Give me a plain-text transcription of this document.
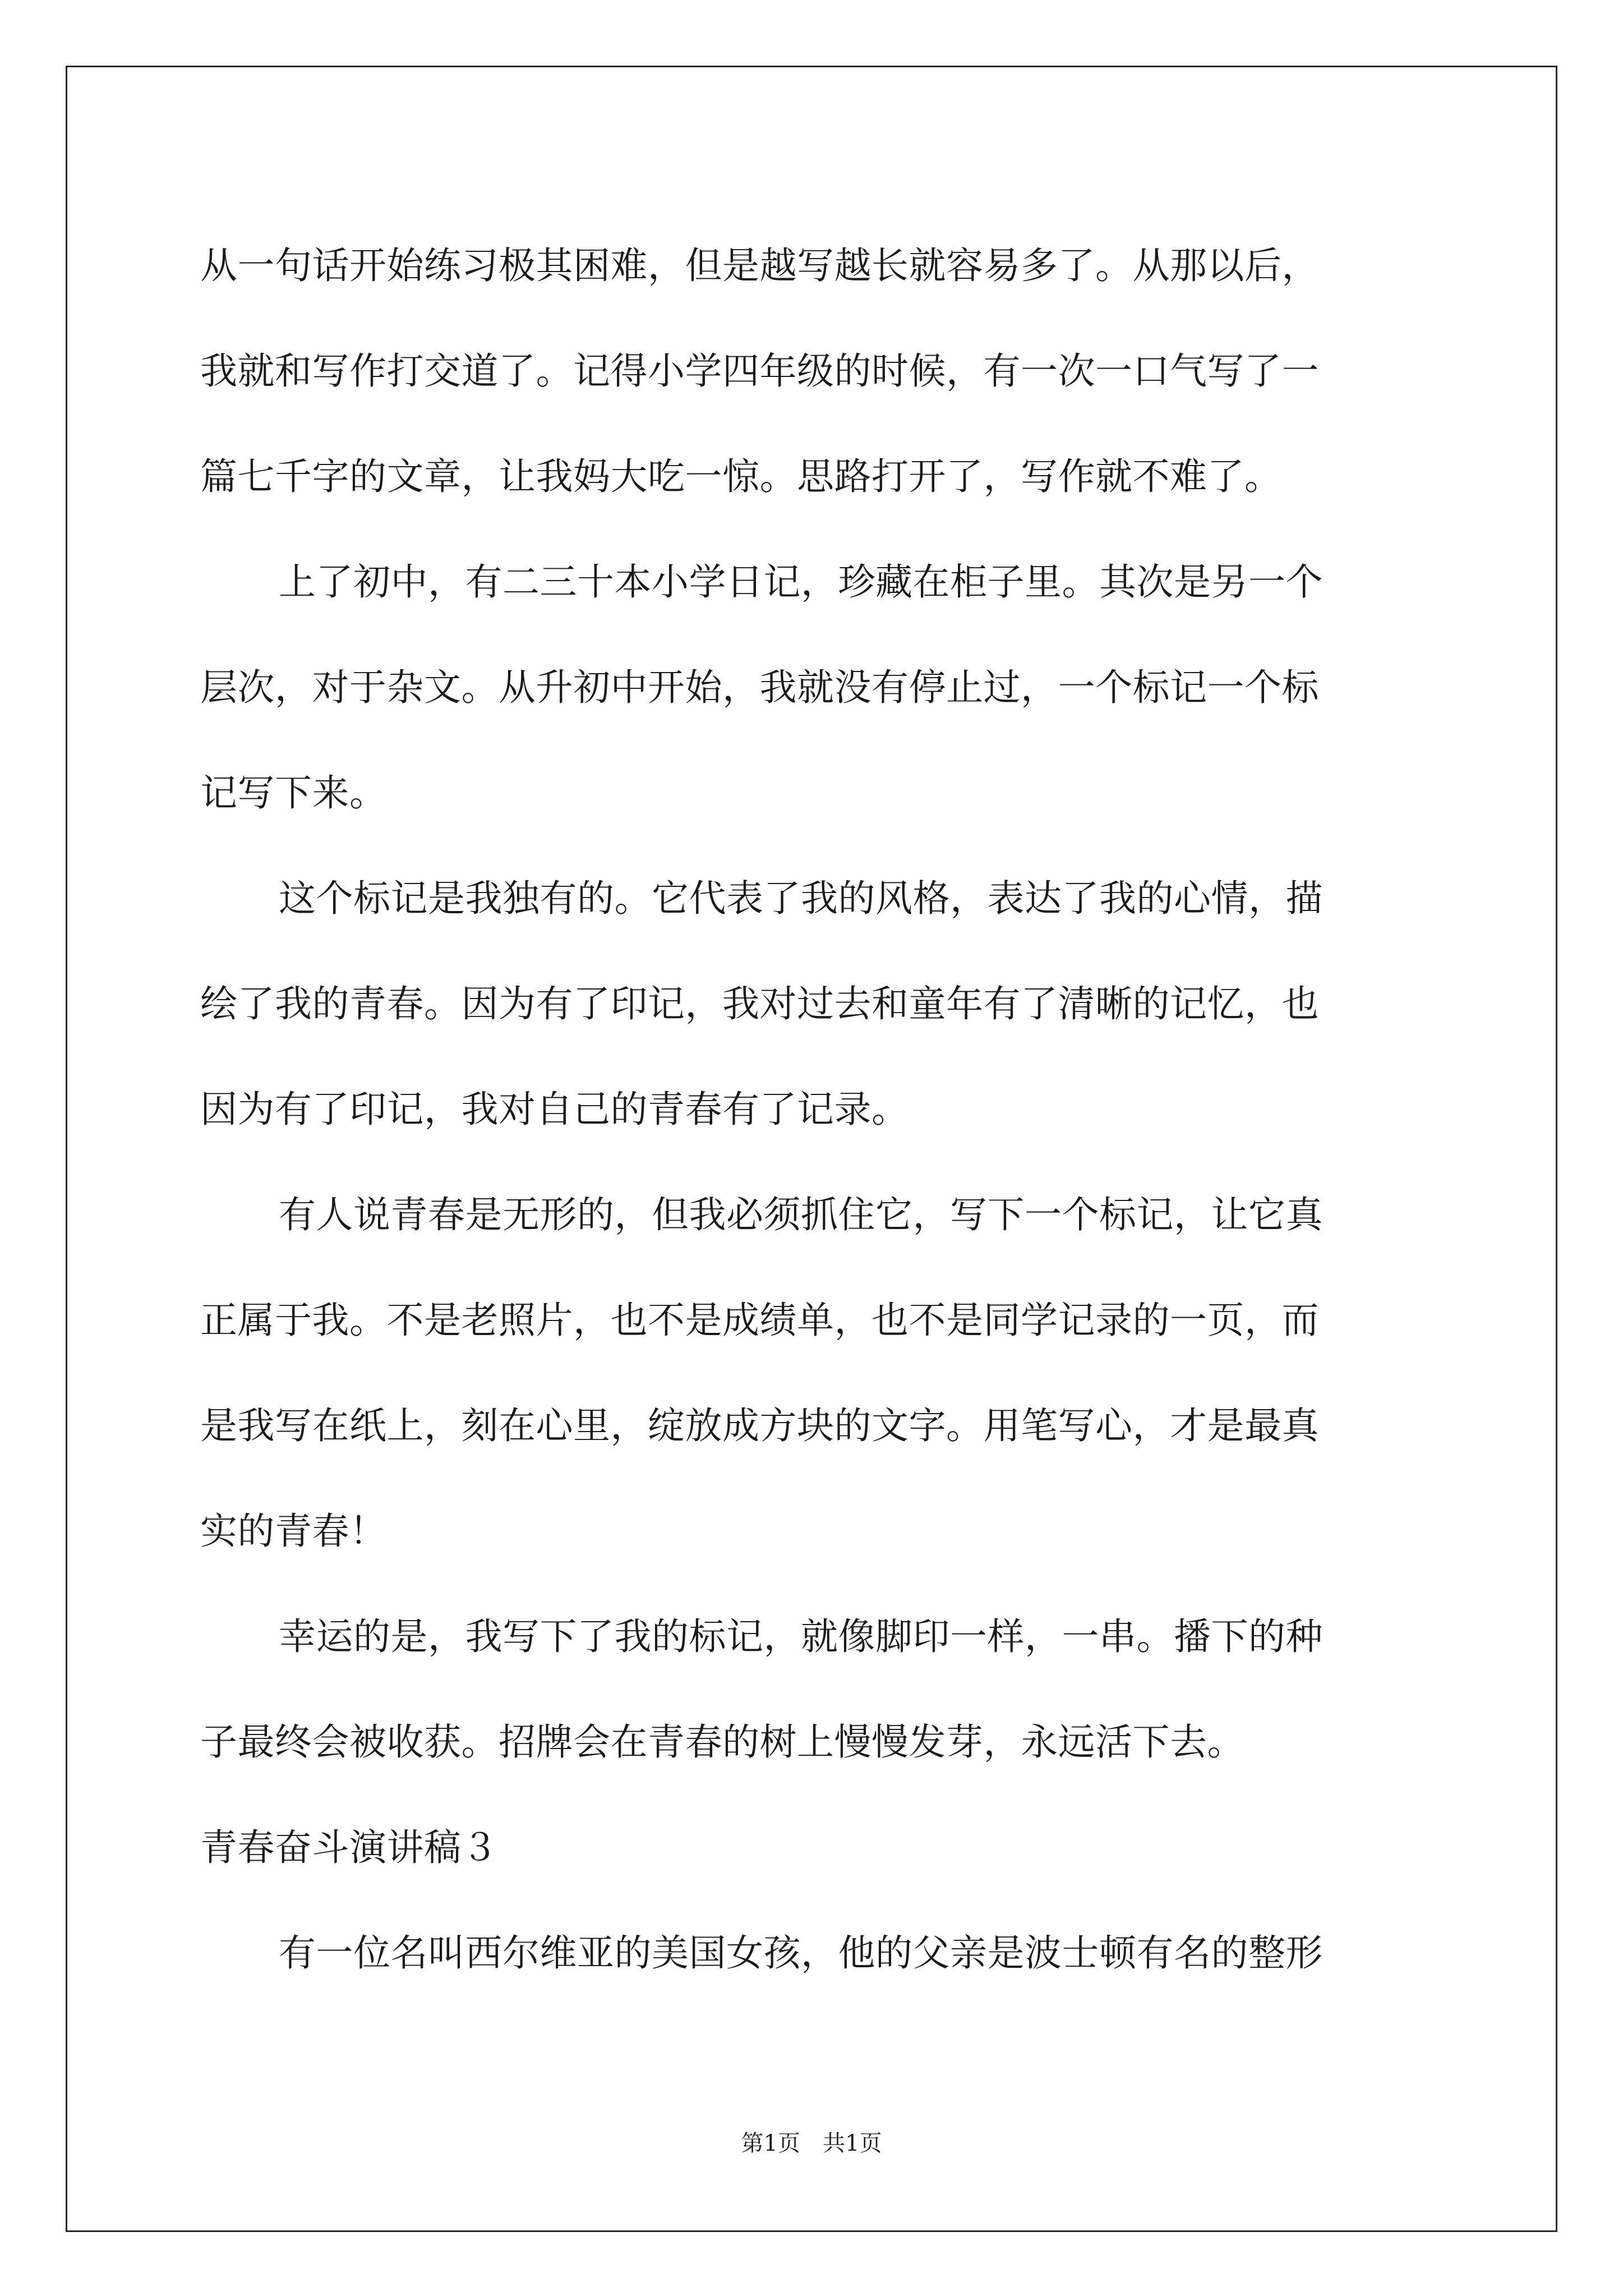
从一句话开始练习极其困难，但是越写越长就容易多了。从那以后，
我就和写作打交道了。记得小学四年级的时候，有一次一口气写了一
篇七千字的文章，让我妈大吃一惊。思路打开了，写作就不难了。
上了初中，有二三十本小学日记，珍藏在柜子里。其次是另一个
层次，对于杂文。从升初中开始，我就没有停止过，一个标记一个标
记写下来。
这个标记是我独有的。它代表了我的风格，表达了我的心情，描
绘了我的青春。因为有了印记，我对过去和童年有了清晰的记忆，也
因为有了印记，我对自己的青春有了记录。
有人说青春是无形的，但我必须抓住它，写下一个标记，让它真
正属于我。不是老照片，也不是成绩单，也不是同学记录的一页，而
是我写在纸上，刻在心里，绽放成方块的文字。用笔写心，才是最真
实的青春！
幸运的是，我写下了我的标记，就像脚印一样，一串。播下的种
子最终会被收获。招牌会在青春的树上慢慢发芽，永远活下去。
青春奋斗演讲稿３
有一位名叫西尔维亚的美国女孩，他的父亲是波士顿有名的整形
第1页 共1页
